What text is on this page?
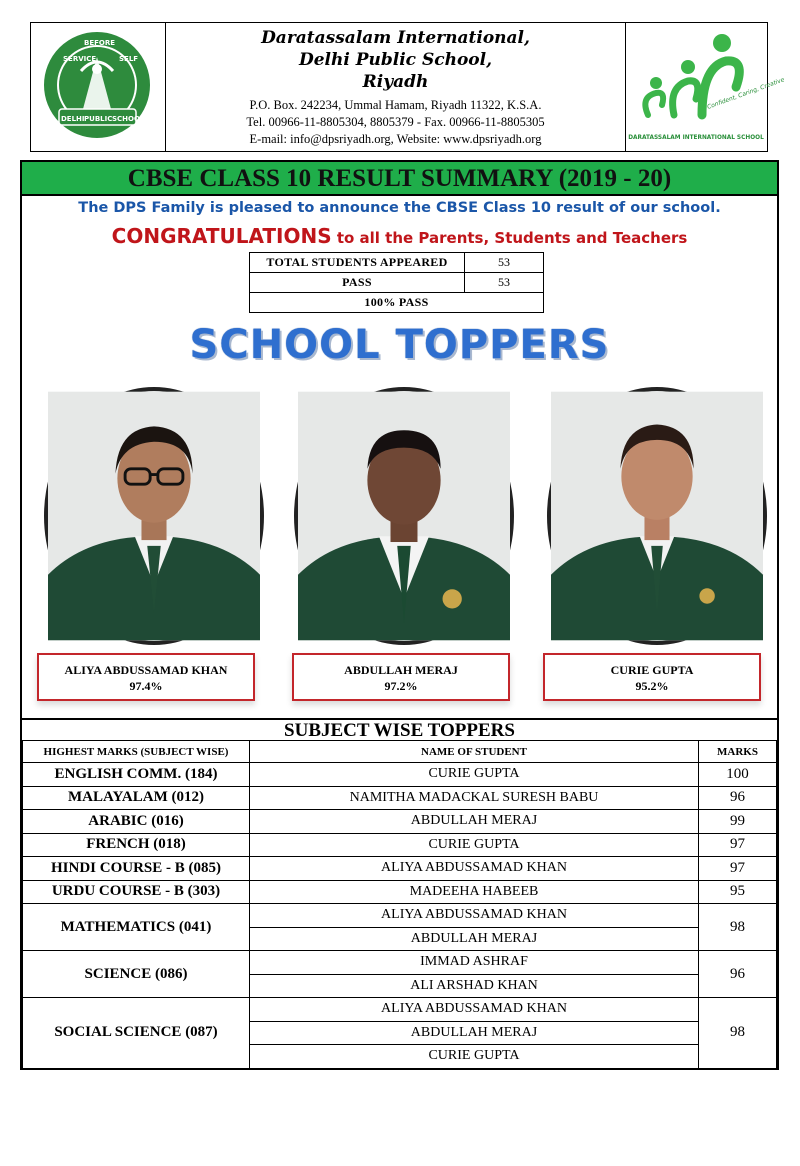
SERVICE
BEFORE
SELF
DELHI PUBLIC SCHOOL
Daratassalam International,
Delhi Public School,
Riyadh
P.O. Box. 242234, Ummal Hamam, Riyadh 11322, K.S.A.
Tel. 00966-11-8805304, 8805379 - Fax. 00966-11-8805305
E-mail: info@dpsriyadh.org, Website: www.dpsriyadh.org
Confident, Caring, Creative
DARATASSALAM INTERNATIONAL SCHOOL
CBSE CLASS 10 RESULT SUMMARY (2019 - 20)
The DPS Family is pleased to announce the CBSE Class 10 result of our school.
CONGRATULATIONS to all the Parents, Students and Teachers
TOTAL STUDENTS APPEARED	53
PASS	53
100% PASS	
SCHOOL TOPPERS
ALIYA ABDUSSAMAD KHAN
97.4%
ABDULLAH MERAJ
97.2%
CURIE GUPTA
95.2%
SUBJECT WISE TOPPERS
HIGHEST MARKS (SUBJECT WISE)	NAME OF STUDENT	MARKS
ENGLISH COMM. (184)	CURIE GUPTA	100
MALAYALAM (012)	NAMITHA MADACKAL SURESH BABU	96
ARABIC (016)	ABDULLAH MERAJ	99
FRENCH (018)	CURIE GUPTA	97
HINDI COURSE - B (085)	ALIYA ABDUSSAMAD KHAN	97
URDU COURSE - B (303)	MADEEHA HABEEB	95
MATHEMATICS (041)	ALIYA ABDUSSAMAD KHAN	98
	ABDULLAH MERAJ	
SCIENCE (086)	IMMAD ASHRAF	96
	ALI ARSHAD KHAN	
SOCIAL SCIENCE (087)	ALIYA ABDUSSAMAD KHAN	98
	ABDULLAH MERAJ	
	CURIE GUPTA	
